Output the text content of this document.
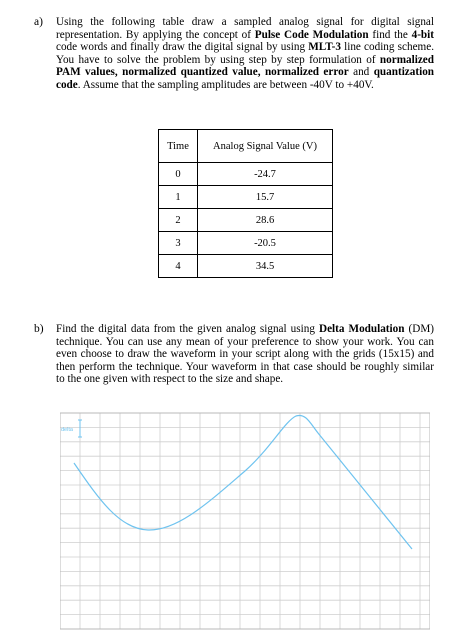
a) Using the following table draw a sampled analog signal for digital signal representation. By applying the concept of Pulse Code Modulation find the 4-bit code words and finally draw the digital signal by using MLT-3 line coding scheme. You have to solve the problem by using step by step formulation of normalized PAM values, normalized quantized value, normalized error and quantization code. Assume that the sampling amplitudes are between -40V to +40V.
Time	Analog Signal Value (V)
0	-24.7
1	15.7
2	28.6
3	-20.5
4	34.5
b) Find the digital data from the given analog signal using Delta Modulation (DM) technique. You can use any mean of your preference to show your work. You can even choose to draw the waveform in your script along with the grids (15x15) and then perform the technique. Your waveform in that case should be roughly similar to the one given with respect to the size and shape.
delta
